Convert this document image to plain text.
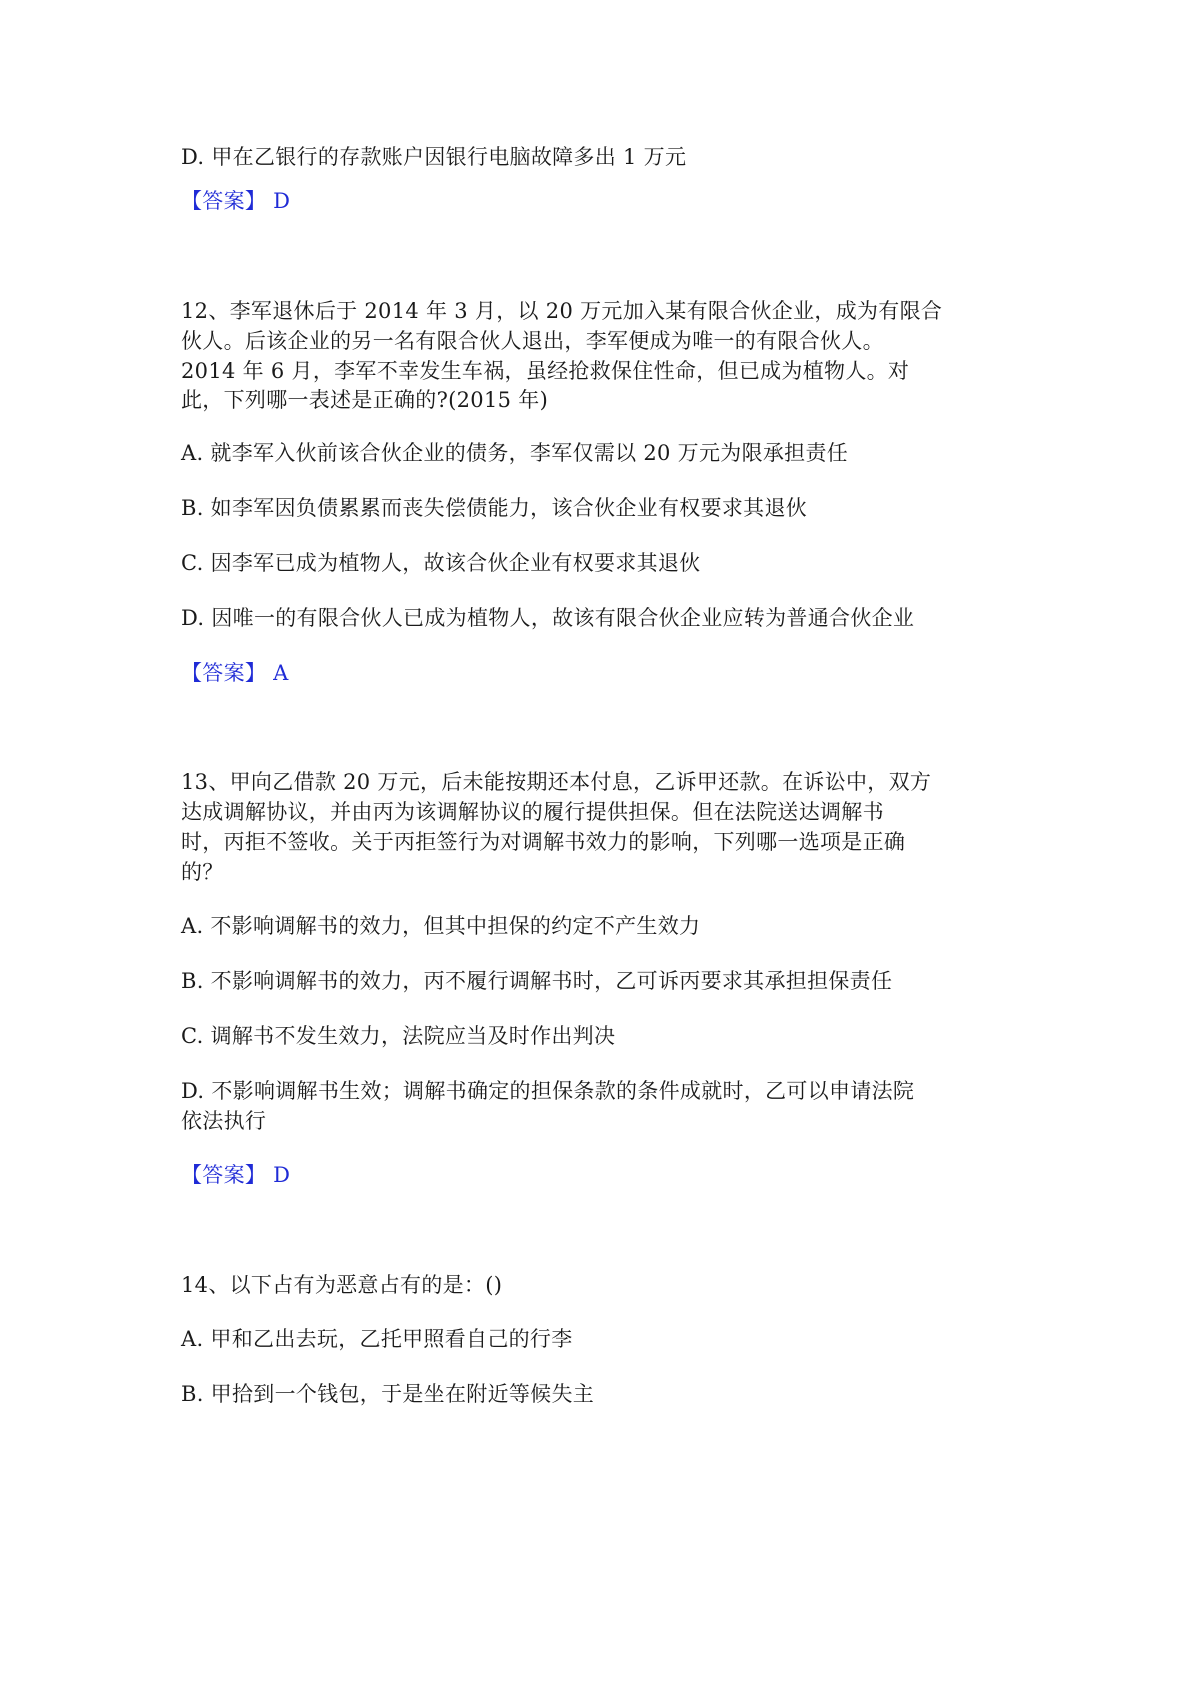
D. 甲在乙银行的存款账户因银行电脑故障多出 1 万元
【答案】 D
12、李军退休后于 2014 年 3 月，以 20 万元加入某有限合伙企业，成为有限合
伙人。后该企业的另一名有限合伙人退出，李军便成为唯一的有限合伙人。
2014 年 6 月，李军不幸发生车祸，虽经抢救保住性命，但已成为植物人。对
此，下列哪一表述是正确的?(2015 年)
A. 就李军入伙前该合伙企业的债务，李军仅需以 20 万元为限承担责任
B. 如李军因负债累累而丧失偿债能力，该合伙企业有权要求其退伙
C. 因李军已成为植物人，故该合伙企业有权要求其退伙
D. 因唯一的有限合伙人已成为植物人，故该有限合伙企业应转为普通合伙企业
【答案】 A
13、甲向乙借款 20 万元，后未能按期还本付息，乙诉甲还款。在诉讼中，双方
达成调解协议，并由丙为该调解协议的履行提供担保。但在法院送达调解书
时，丙拒不签收。关于丙拒签行为对调解书效力的影响，下列哪一选项是正确
的？
A. 不影响调解书的效力，但其中担保的约定不产生效力
B. 不影响调解书的效力，丙不履行调解书时，乙可诉丙要求其承担担保责任
C. 调解书不发生效力，法院应当及时作出判决
D. 不影响调解书生效；调解书确定的担保条款的条件成就时，乙可以申请法院
依法执行
【答案】 D
14、以下占有为恶意占有的是：()
A. 甲和乙出去玩，乙托甲照看自己的行李
B. 甲拾到一个钱包，于是坐在附近等候失主
